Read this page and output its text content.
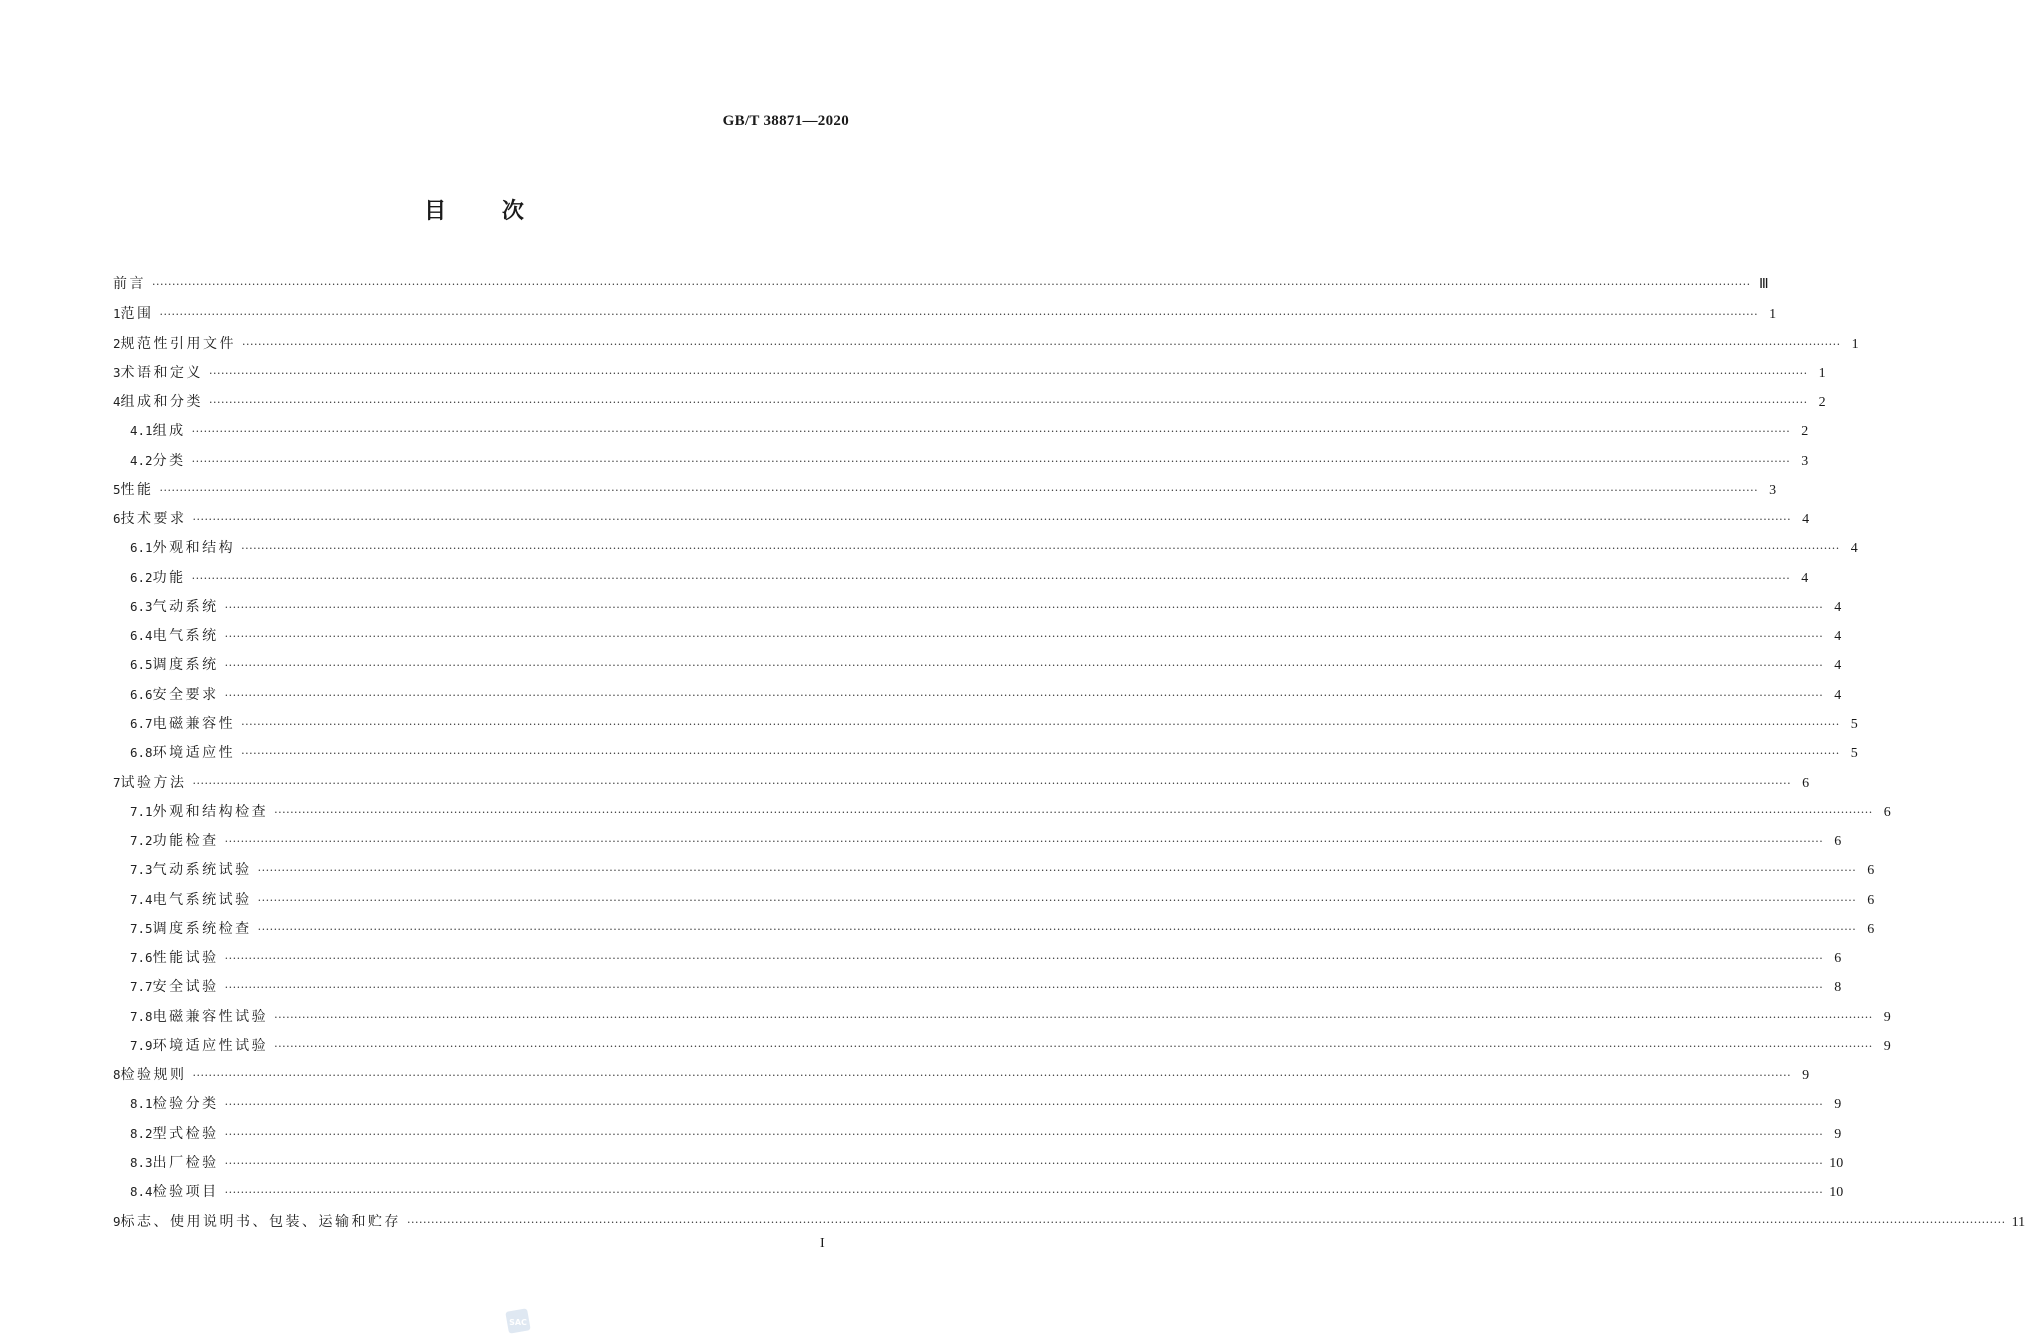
GB/T 38871—2020
目 次
前言 ················································································································································································································································································································································································································ Ⅲ
1 范围 ················································································································································································································································································································································································································ 1
2 规范性引用文件 ················································································································································································································································································································································································································ 1
3 术语和定义 ················································································································································································································································································································································································································ 1
4 组成和分类 ················································································································································································································································································································································································································ 2
4.1 组成 ················································································································································································································································································································································································································ 2
4.2 分类 ················································································································································································································································································································································································································ 3
5 性能 ················································································································································································································································································································································································································ 3
6 技术要求 ················································································································································································································································································································································································································ 4
6.1 外观和结构 ················································································································································································································································································································································································································ 4
6.2 功能 ················································································································································································································································································································································································································ 4
6.3 气动系统 ················································································································································································································································································································································································································ 4
6.4 电气系统 ················································································································································································································································································································································································································ 4
6.5 调度系统 ················································································································································································································································································································································································································ 4
6.6 安全要求 ················································································································································································································································································································································································································ 4
6.7 电磁兼容性 ················································································································································································································································································································································································································ 5
6.8 环境适应性 ················································································································································································································································································································································································································ 5
7 试验方法 ················································································································································································································································································································································································································ 6
7.1 外观和结构检查 ················································································································································································································································································································································································································ 6
7.2 功能检查 ················································································································································································································································································································································································································ 6
7.3 气动系统试验 ················································································································································································································································································································································································································ 6
7.4 电气系统试验 ················································································································································································································································································································································································································ 6
7.5 调度系统检查 ················································································································································································································································································································································································································ 6
7.6 性能试验 ················································································································································································································································································································································································································ 6
7.7 安全试验 ················································································································································································································································································································································································································ 8
7.8 电磁兼容性试验 ················································································································································································································································································································································································································ 9
7.9 环境适应性试验 ················································································································································································································································································································································································································ 9
8 检验规则 ················································································································································································································································································································································································································ 9
8.1 检验分类 ················································································································································································································································································································································································································ 9
8.2 型式检验 ················································································································································································································································································································································································································ 9
8.3 出厂检验 ················································································································································································································································································································································································································ 10
8.4 检验项目 ················································································································································································································································································································································································································ 10
9 标志、使用说明书、包装、运输和贮存 ················································································································································································································································································································································································································ 11
I
SAC
